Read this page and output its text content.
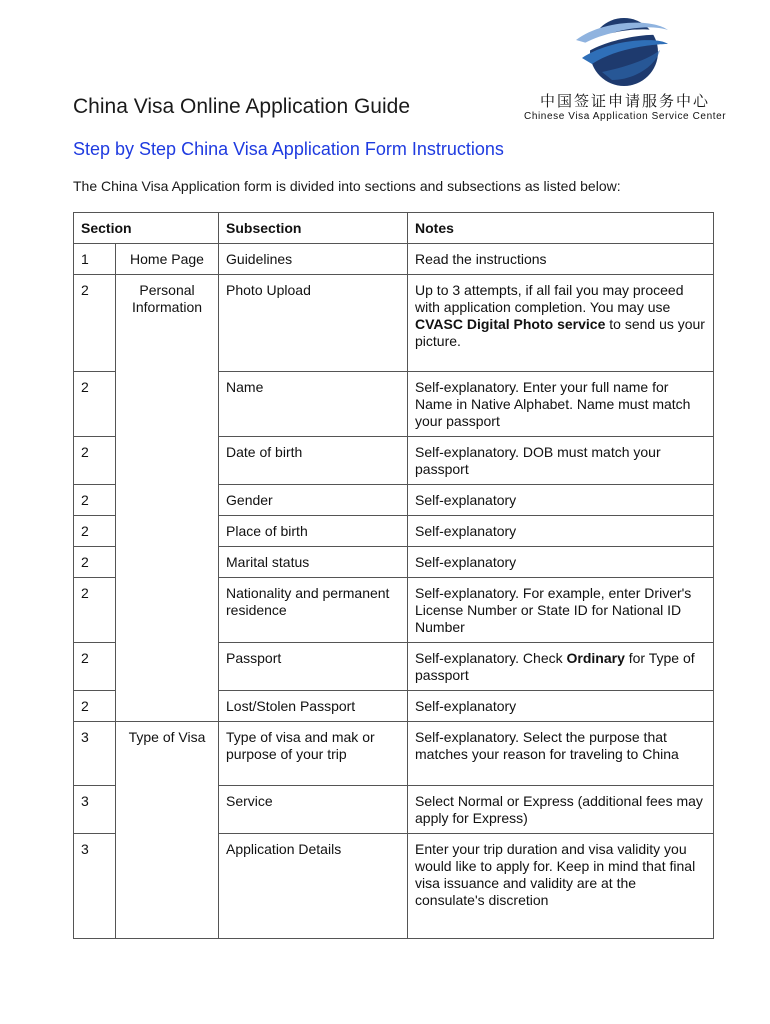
中国签证申请服务中心
Chinese Visa Application Service Center
China Visa Online Application Guide
Step by Step China Visa Application Form Instructions
The China Visa Application form is divided into sections and subsections as listed below:
Section		Subsection	Notes
1	Home Page	Guidelines	Read the instructions
2	Personal Information	Photo Upload	Up to 3 attempts, if all fail you may proceed with application completion. You may use CVASC Digital Photo service to send us your picture.
2		Name	Self-explanatory. Enter your full name for Name in Native Alphabet. Name must match your passport
2		Date of birth	Self-explanatory. DOB must match your passport
2		Gender	Self-explanatory
2		Place of birth	Self-explanatory
2		Marital status	Self-explanatory
2		Nationality and permanent residence	Self-explanatory. For example, enter Driver's License Number or State ID for National ID Number
2		Passport	Self-explanatory. Check Ordinary for Type of passport
2		Lost/Stolen Passport	Self-explanatory
3	Type of Visa	Type of visa and mak or purpose of your trip	Self-explanatory. Select the purpose that matches your reason for traveling to China
3		Service	Select Normal or Express (additional fees may apply for Express)
3		Application Details	Enter your trip duration and visa validity you would like to apply for. Keep in mind that final visa issuance and validity are at the consulate's discretion
